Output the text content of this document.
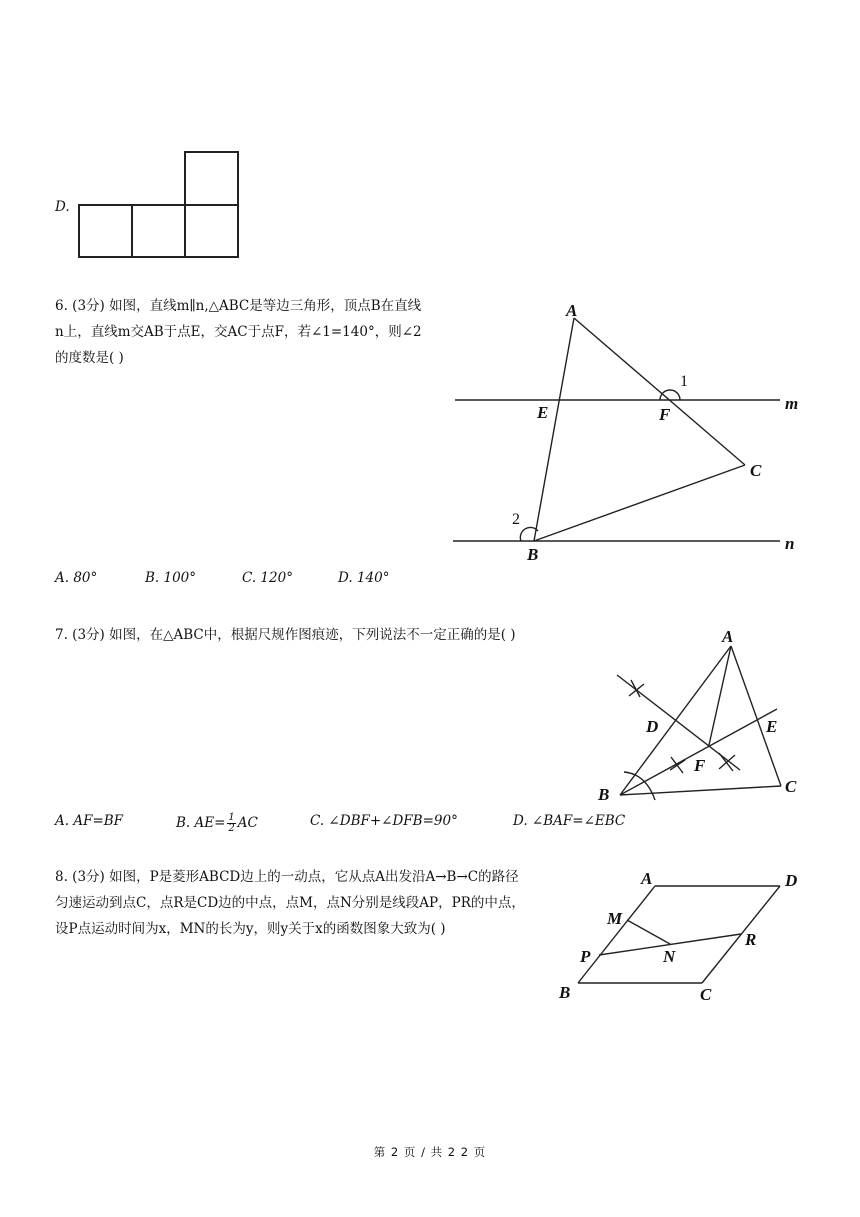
D.
6. (3分) 如图，直线m∥n,△ABC是等边三角形，顶点B在直线
n上，直线m交AB于点E，交AC于点F，若∠1=140°，则∠2
的度数是( )
A
E	F
C
B
1
2
m
n
A. 80°	B. 100°	C. 120°	D. 140°
7. (3分) 如图，在△ABC中，根据尺规作图痕迹，下列说法不一定正确的是( )	A
D	E
F
B	C
A. AF=BF	B. $AE= \frac{1}{2}$ AC	C. ∠DBF+∠DFB=90°	D. ∠BAF=∠EBC
8. (3分) 如图，P是菱形ABCD边上的一动点，它从点A出发沿A→B→C的路径
匀速运动到点C，点R是CD边的中点，点M，点N分别是线段AP，PR的中点，
设P点运动时间为x，MN的长为y，则y关于x的函数图象大致为( )
A	D
M
P	N
R
B	C
第 2 页 / 共 2 2 页
